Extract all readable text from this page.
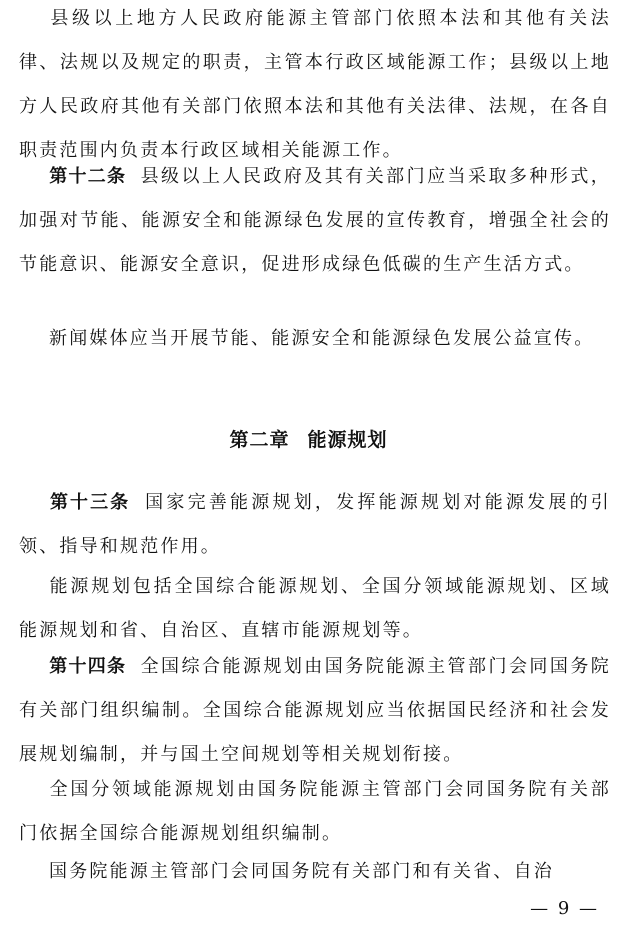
县级以上地方人民政府能源主管部门依照本法和其他有关法律、法规以及规定的职责，主管本行政区域能源工作；县级以上地方人民政府其他有关部门依照本法和其他有关法律、法规，在各自职责范围内负责本行政区域相关能源工作。

第十二条 县级以上人民政府及其有关部门应当采取多种形式，加强对节能、能源安全和能源绿色发展的宣传教育，增强全社会的节能意识、能源安全意识，促进形成绿色低碳的生产生活方式。

新闻媒体应当开展节能、能源安全和能源绿色发展公益宣传。

第二章 能源规划

第十三条 国家完善能源规划，发挥能源规划对能源发展的引领、指导和规范作用。

能源规划包括全国综合能源规划、全国分领域能源规划、区域能源规划和省、自治区、直辖市能源规划等。

第十四条 全国综合能源规划由国务院能源主管部门会同国务院有关部门组织编制。全国综合能源规划应当依据国民经济和社会发展规划编制，并与国土空间规划等相关规划衔接。

全国分领域能源规划由国务院能源主管部门会同国务院有关部门依据全国综合能源规划组织编制。

国务院能源主管部门会同国务院有关部门和有关省、自治

— 9 —
